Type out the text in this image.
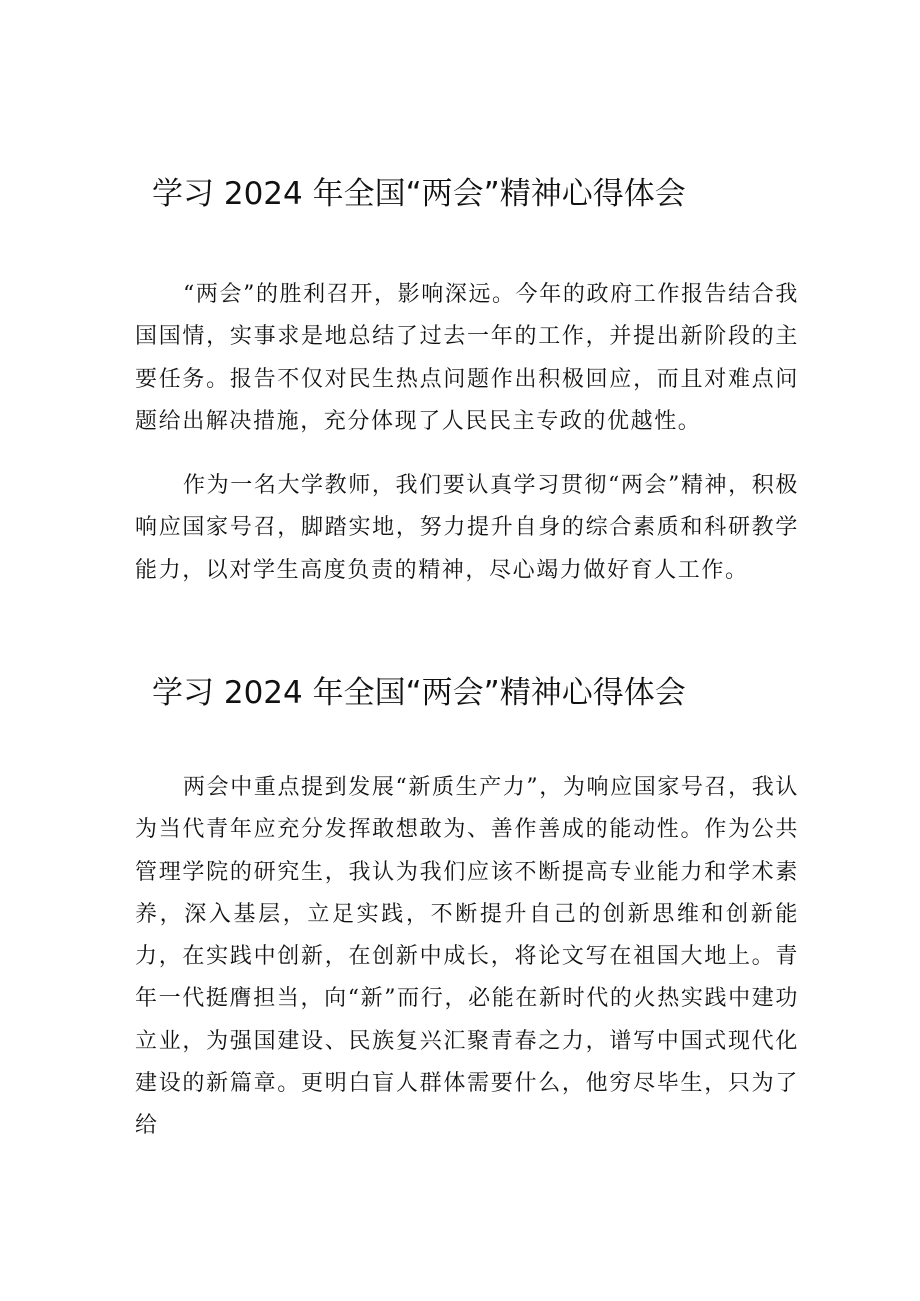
学习 2024 年全国“两会”精神心得体会

“两会”的胜利召开，影响深远。今年的政府工作报告结合我国国情，实事求是地总结了过去一年的工作，并提出新阶段的主要任务。报告不仅对民生热点问题作出积极回应，而且对难点问题给出解决措施，充分体现了人民民主专政的优越性。

作为一名大学教师，我们要认真学习贯彻“两会”精神，积极响应国家号召，脚踏实地，努力提升自身的综合素质和科研教学能力，以对学生高度负责的精神，尽心竭力做好育人工作。

学习 2024 年全国“两会”精神心得体会

两会中重点提到发展“新质生产力”，为响应国家号召，我认为当代青年应充分发挥敢想敢为、善作善成的能动性。作为公共管理学院的研究生，我认为我们应该不断提高专业能力和学术素养，深入基层，立足实践，不断提升自己的创新思维和创新能力，在实践中创新，在创新中成长，将论文写在祖国大地上。青年一代挺膺担当，向“新”而行，必能在新时代的火热实践中建功立业，为强国建设、民族复兴汇聚青春之力，谱写中国式现代化建设的新篇章。更明白盲人群体需要什么，他穷尽毕生，只为了给
